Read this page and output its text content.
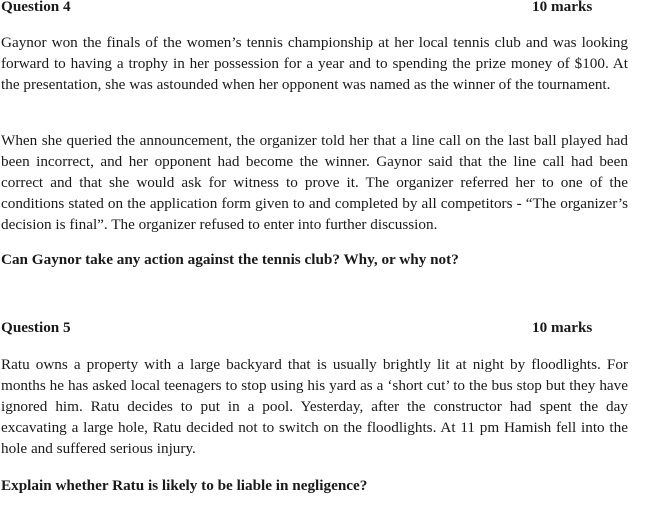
Question 4	10 marks

Gaynor won the finals of the women’s tennis championship at her local tennis club and was looking forward to having a trophy in her possession for a year and to spending the prize money of $100. At the presentation, she was astounded when her opponent was named as the winner of the tournament.

When she queried the announcement, the organizer told her that a line call on the last ball played had been incorrect, and her opponent had become the winner. Gaynor said that the line call had been correct and that she would ask for witness to prove it. The organizer referred her to one of the conditions stated on the application form given to and completed by all competitors - “The organizer’s decision is final”. The organizer refused to enter into further discussion.

Can Gaynor take any action against the tennis club? Why, or why not?

Question 5	10 marks

Ratu owns a property with a large backyard that is usually brightly lit at night by floodlights. For months he has asked local teenagers to stop using his yard as a ‘short cut’ to the bus stop but they have ignored him. Ratu decides to put in a pool. Yesterday, after the constructor had spent the day excavating a large hole, Ratu decided not to switch on the floodlights. At 11 pm Hamish fell into the hole and suffered serious injury.

Explain whether Ratu is likely to be liable in negligence?
